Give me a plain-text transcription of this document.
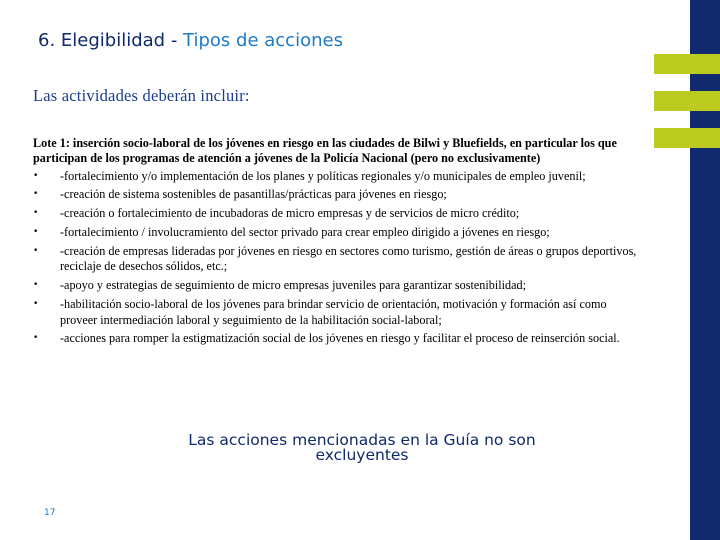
6. Elegibilidad - Tipos de acciones
Las actividades deberán incluir:
Lote 1: inserción socio-laboral de los jóvenes en riesgo en las ciudades de Bilwi y Bluefields, en particular los que participan de los programas de atención a jóvenes de la Policía Nacional (pero no exclusivamente)
• -fortalecimiento y/o implementación de los planes y políticas regionales y/o municipales de empleo juvenil;
• -creación de sistema sostenibles de pasantillas/prácticas para jóvenes en riesgo;
• -creación o fortalecimiento de incubadoras de micro empresas y de servicios de micro crédito;
• -fortalecimiento / involucramiento del sector privado para crear empleo dirigido a jóvenes en riesgo;
• -creación de empresas lideradas por jóvenes en riesgo en sectores como turismo, gestión de áreas o grupos deportivos, reciclaje de desechos sólidos, etc.;
• -apoyo y estrategias de seguimiento de micro empresas juveniles para garantizar sostenibilidad;
• -habilitación socio-laboral de los jóvenes para brindar servicio de orientación, motivación y formación así como proveer intermediación laboral y seguimiento de la habilitación social-laboral;
• -acciones para romper la estigmatización social de los jóvenes en riesgo y facilitar el proceso de reinserción social.
Las acciones mencionadas en la Guía no son excluyentes
17
